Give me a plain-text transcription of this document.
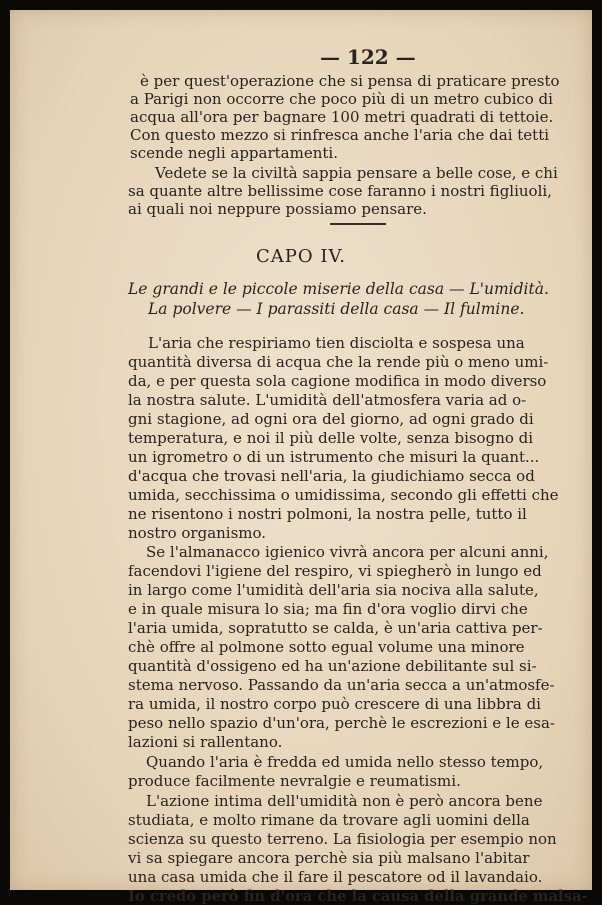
— 122 —
è per quest'operazione che si pensa di praticare presto
a Parigi non occorre che poco più di un metro cubico di
acqua all'ora per bagnare 100 metri quadrati di tettoie.
Con questo mezzo si rinfresca anche l'aria che dai tetti
scende negli appartamenti.
Vedete se la civiltà sappia pensare a belle cose, e chi
sa quante altre bellissime cose faranno i nostri figliuoli,
ai quali noi neppure possiamo pensare.
CAPO IV.
Le grandi e le piccole miserie della casa — L'umidità.
La polvere — I parassiti della casa — Il fulmine.
L'aria che respiriamo tien disciolta e sospesa una
quantità diversa di acqua che la rende più o meno umi-
da, e per questa sola cagione modifica in modo diverso
la nostra salute. L'umidità dell'atmosfera varia ad o-
gni stagione, ad ogni ora del giorno, ad ogni grado di
temperatura, e noi il più delle volte, senza bisogno di
un igrometro o di un istrumento che misuri la quant...
d'acqua che trovasi nell'aria, la giudichiamo secca od
umida, secchissima o umidissima, secondo gli effetti che
ne risentono i nostri polmoni, la nostra pelle, tutto il
nostro organismo.
Se l'almanacco igienico vivrà ancora per alcuni anni,
facendovi l'igiene del respiro, vi spiegherò in lungo ed
in largo come l'umidità dell'aria sia nociva alla salute,
e in quale misura lo sia; ma fin d'ora voglio dirvi che
l'aria umida, sopratutto se calda, è un'aria cattiva per-
chè offre al polmone sotto egual volume una minore
quantità d'ossigeno ed ha un'azione debilitante sul si-
stema nervoso. Passando da un'aria secca a un'atmosfe-
ra umida, il nostro corpo può crescere di una libbra di
peso nello spazio d'un'ora, perchè le escrezioni e le esa-
lazioni si rallentano.
Quando l'aria è fredda ed umida nello stesso tempo,
produce facilmente nevralgie e reumatismi.
L'azione intima dell'umidità non è però ancora bene
studiata, e molto rimane da trovare agli uomini della
scienza su questo terreno. La fisiologia per esempio non
vi sa spiegare ancora perchè sia più malsano l'abitar
una casa umida che il fare il pescatore od il lavandaio.
Io credo però fin d'ora che la causa della grande malsa-
